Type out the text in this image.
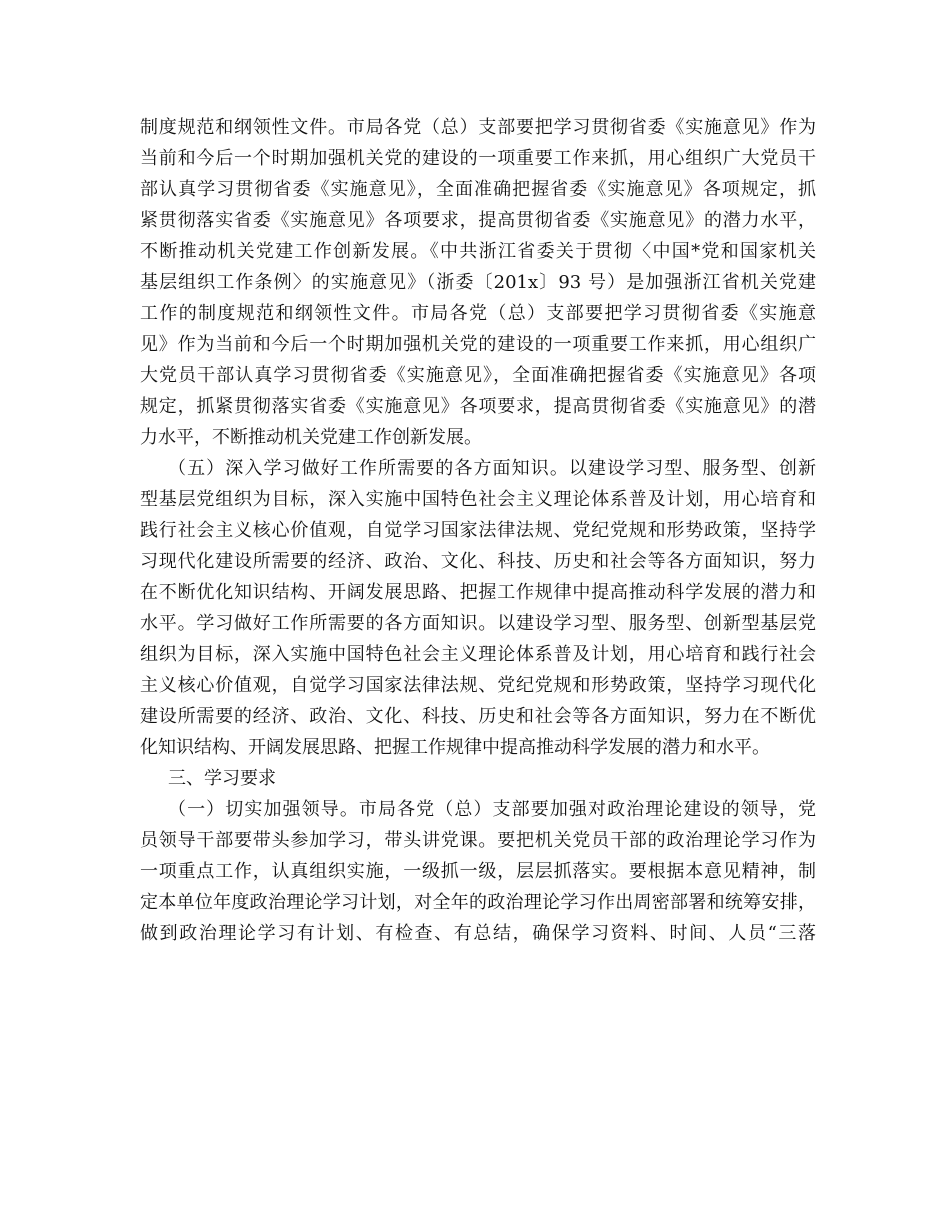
制度规范和纲领性文件。市局各党（总）支部要把学习贯彻省委《实施意见》作为
当前和今后一个时期加强机关党的建设的一项重要工作来抓，用心组织广大党员干
部认真学习贯彻省委《实施意见》，全面准确把握省委《实施意见》各项规定，抓
紧贯彻落实省委《实施意见》各项要求，提高贯彻省委《实施意见》的潜力水平，
不断推动机关党建工作创新发展。《中共浙江省委关于贯彻〈中国*党和国家机关
基层组织工作条例〉的实施意见》（浙委〔201x〕93 号）是加强浙江省机关党建
工作的制度规范和纲领性文件。市局各党（总）支部要把学习贯彻省委《实施意
见》作为当前和今后一个时期加强机关党的建设的一项重要工作来抓，用心组织广
大党员干部认真学习贯彻省委《实施意见》，全面准确把握省委《实施意见》各项
规定，抓紧贯彻落实省委《实施意见》各项要求，提高贯彻省委《实施意见》的潜
力水平，不断推动机关党建工作创新发展。
（五）深入学习做好工作所需要的各方面知识。以建设学习型、服务型、创新
型基层党组织为目标，深入实施中国特色社会主义理论体系普及计划，用心培育和
践行社会主义核心价值观，自觉学习国家法律法规、党纪党规和形势政策，坚持学
习现代化建设所需要的经济、政治、文化、科技、历史和社会等各方面知识，努力
在不断优化知识结构、开阔发展思路、把握工作规律中提高推动科学发展的潜力和
水平。学习做好工作所需要的各方面知识。以建设学习型、服务型、创新型基层党
组织为目标，深入实施中国特色社会主义理论体系普及计划，用心培育和践行社会
主义核心价值观，自觉学习国家法律法规、党纪党规和形势政策，坚持学习现代化
建设所需要的经济、政治、文化、科技、历史和社会等各方面知识，努力在不断优
化知识结构、开阔发展思路、把握工作规律中提高推动科学发展的潜力和水平。
三、学习要求
（一）切实加强领导。市局各党（总）支部要加强对政治理论建设的领导，党
员领导干部要带头参加学习，带头讲党课。要把机关党员干部的政治理论学习作为
一项重点工作，认真组织实施，一级抓一级，层层抓落实。要根据本意见精神，制
定本单位年度政治理论学习计划，对全年的政治理论学习作出周密部署和统筹安排，
做到政治理论学习有计划、有检查、有总结，确保学习资料、时间、人员“三落
